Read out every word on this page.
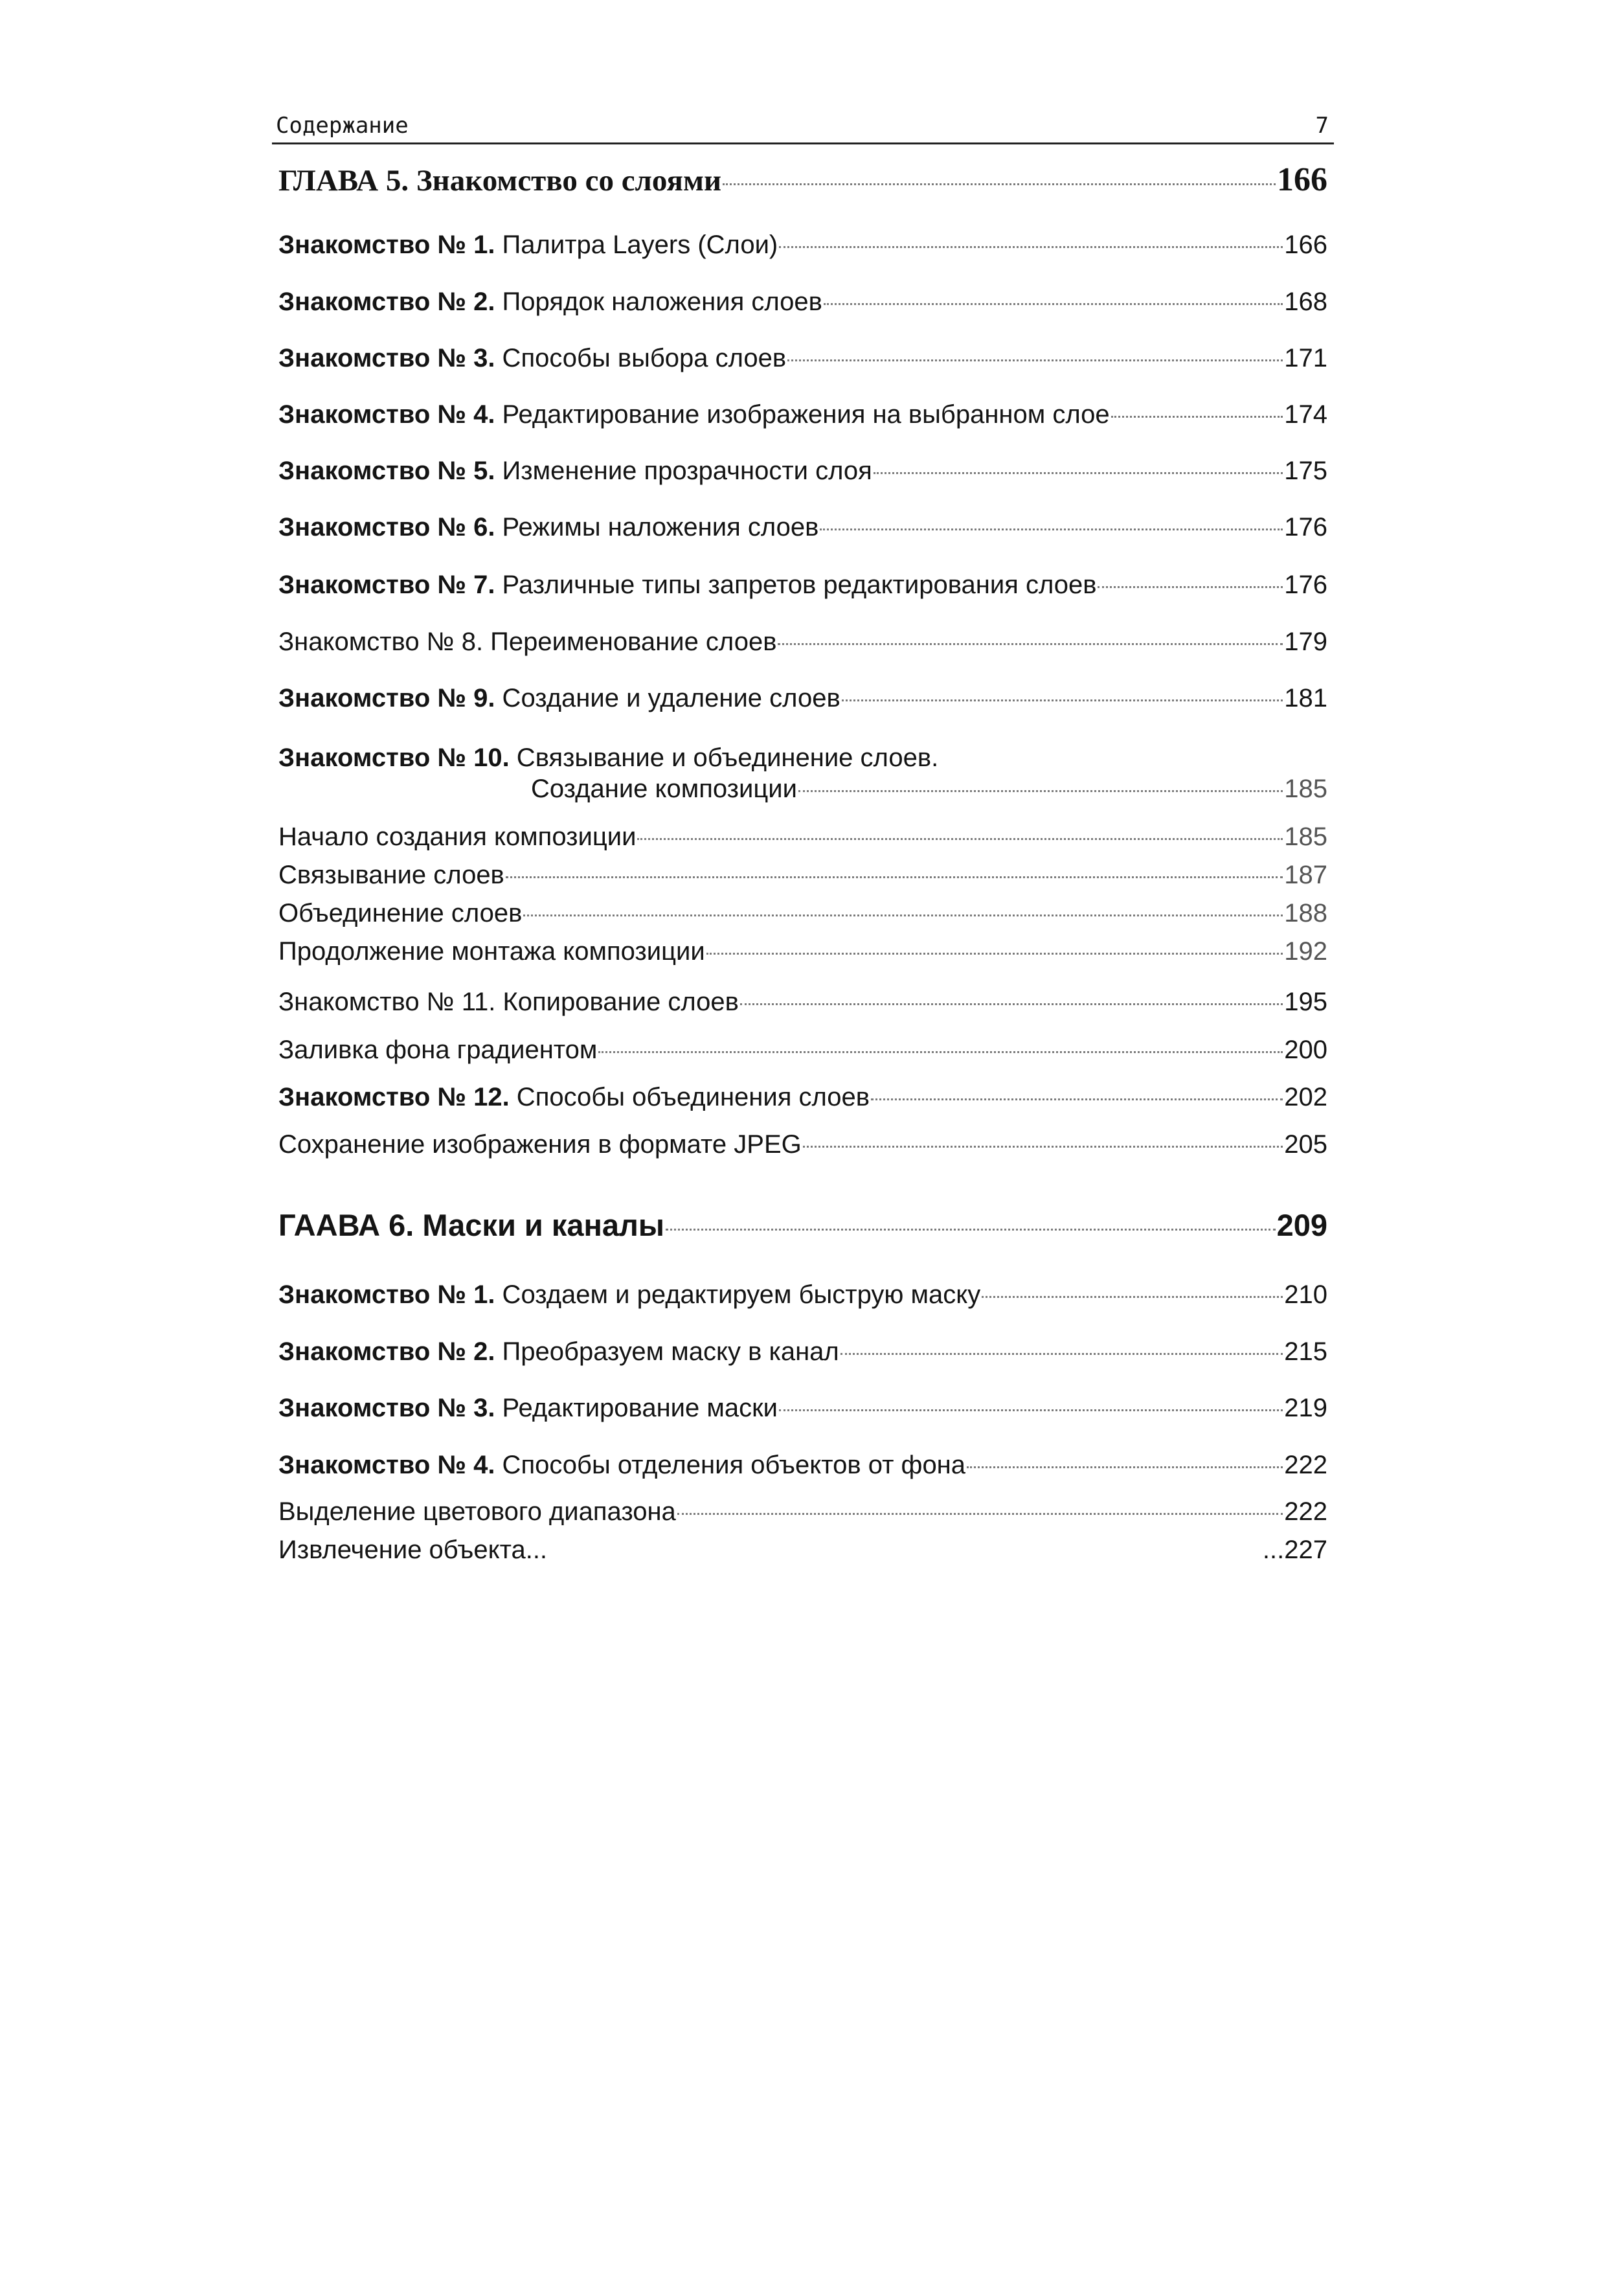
Содержание	7
ГЛАВА 5. Знакомство со слоями	166
Знакомство № 1. Палитра Layers (Слои)	166
Знакомство № 2. Порядок наложения слоев	168
Знакомство № 3. Способы выбора слоев	171
Знакомство № 4. Редактирование изображения на выбранном слое	174
Знакомство № 5. Изменение прозрачности слоя	175
Знакомство № 6. Режимы наложения слоев	176
Знакомство № 7. Различные типы запретов редактирования слоев	176
Знакомство № 8. Переименование слоев	179
Знакомство № 9. Создание и удаление слоев	181
Знакомство № 10. Связывание и объединение слоев.
Создание композиции	185
Начало создания композиции	185
Связывание слоев	187
Объединение слоев	188
Продолжение монтажа композиции	192
Знакомство № 11. Копирование слоев	195
Заливка фона градиентом	200
Знакомство № 12. Способы объединения слоев	202
Сохранение изображения в формате JPEG	205
ГААВА 6. Маски и каналы	209
Знакомство № 1. Создаем и редактируем быструю маску	210
Знакомство № 2. Преобразуем маску в канал	215
Знакомство № 3. Редактирование маски	219
Знакомство № 4. Способы отделения объектов от фона	222
Выделение цветового диапазона	222
Извлечение объекта...	...227
